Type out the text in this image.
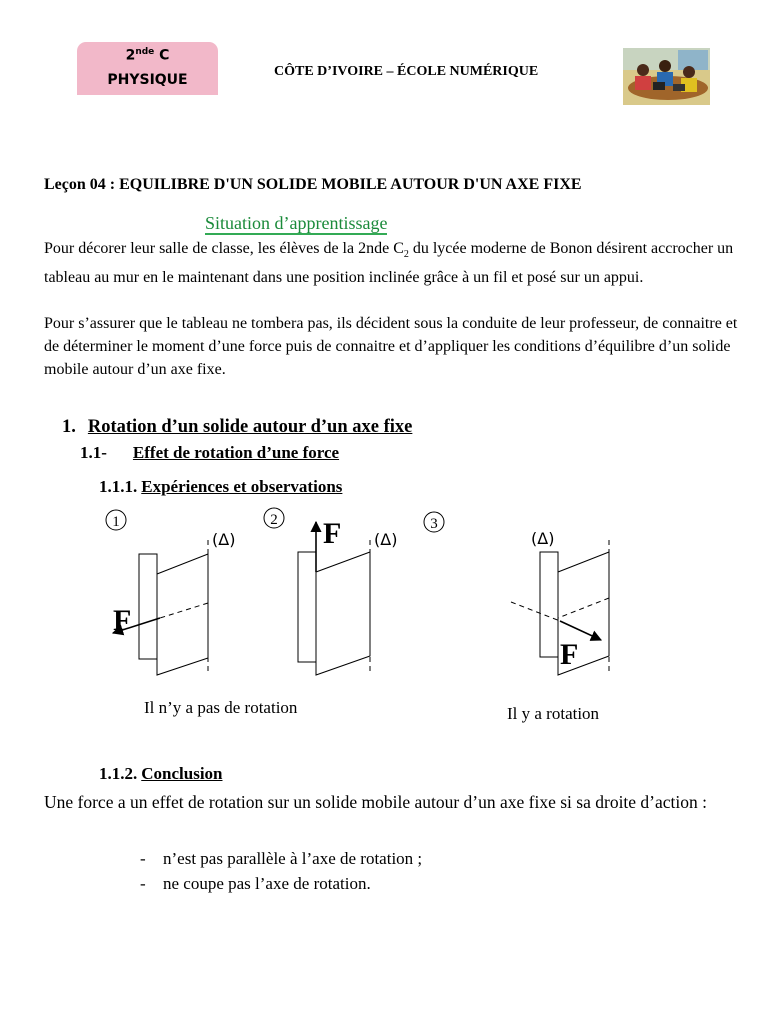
2nde C
PHYSIQUE
CÔTE D’IVOIRE – ÉCOLE NUMÉRIQUE
Leçon 04 : EQUILIBRE D'UN SOLIDE MOBILE AUTOUR D'UN AXE FIXE
Situation d’apprentissage
Pour décorer leur salle de classe, les élèves de la 2nde $C_2$ du lycée moderne de Bonon désirent accrocher un tableau au mur en le maintenant dans une position inclinée grâce à un fil et posé sur un appui.
Pour s’assurer que le tableau ne tombera pas, ils décident sous la conduite de leur professeur, de connaitre et de déterminer le moment d’une force puis de connaitre et d’appliquer les conditions d’équilibre d’un solide mobile autour d’un axe fixe.
1. Rotation d’un solide autour d’un axe fixe
1.1- Effet de rotation d’une force
1.1.1. Expériences et observations
1
(Δ)
F
2
(Δ)
F	3
(Δ)
F
Il n’y a pas de rotation	Il y a rotation
1.1.2. Conclusion
Une force a un effet de rotation sur un solide mobile autour d’un axe fixe si sa droite d’action :
- n’est pas parallèle à l’axe de rotation ;
- ne coupe pas l’axe de rotation.
